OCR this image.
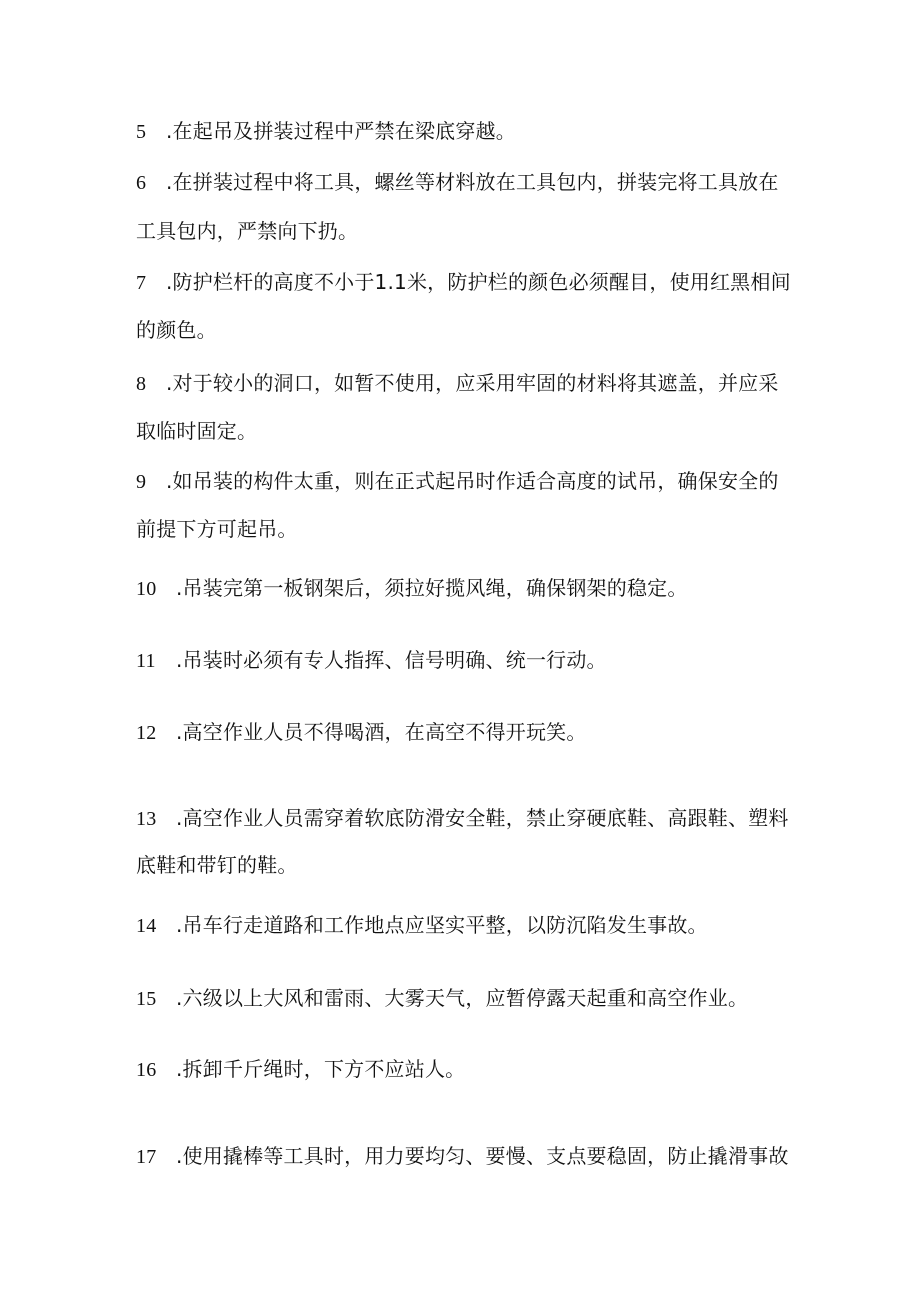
5 .在起吊及拼装过程中严禁在梁底穿越。
6 .在拼装过程中将工具，螺丝等材料放在工具包内，拼装完将工具放在
工具包内，严禁向下扔。
7 .防护栏杆的高度不小于1.1米，防护栏的颜色必须醒目，使用红黑相间
的颜色。
8 .对于较小的洞口，如暂不使用，应采用牢固的材料将其遮盖，并应采
取临时固定。
9 .如吊装的构件太重，则在正式起吊时作适合高度的试吊，确保安全的
前提下方可起吊。
10 .吊装完第一板钢架后，须拉好揽风绳，确保钢架的稳定。
11 .吊装时必须有专人指挥、信号明确、统一行动。
12 .高空作业人员不得喝酒，在高空不得开玩笑。
13 .高空作业人员需穿着软底防滑安全鞋，禁止穿硬底鞋、高跟鞋、塑料
底鞋和带钉的鞋。
14 .吊车行走道路和工作地点应坚实平整，以防沉陷发生事故。
15 .六级以上大风和雷雨、大雾天气，应暂停露天起重和高空作业。
16 .拆卸千斤绳时，下方不应站人。
17 .使用撬棒等工具时，用力要均匀、要慢、支点要稳固，防止撬滑事故
